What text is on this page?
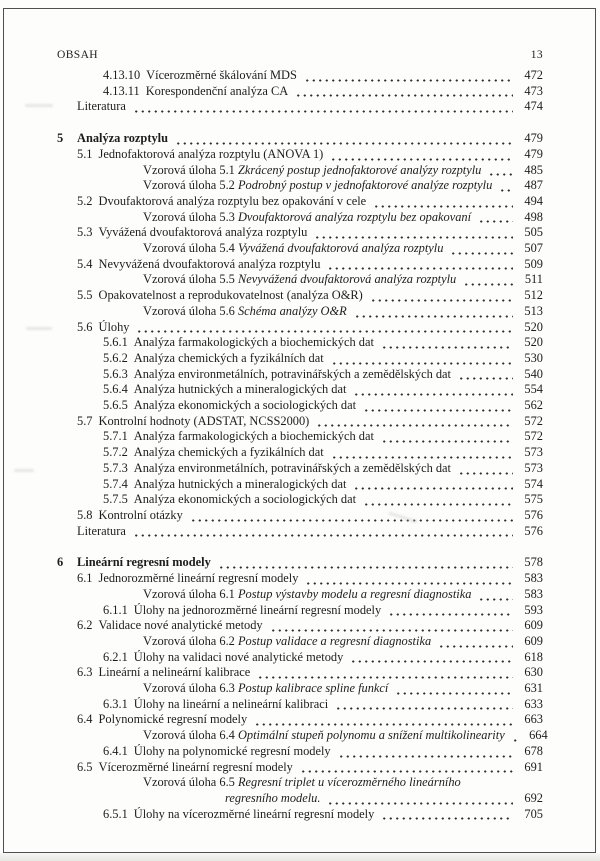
OBSAH	13
4.13.10 Vícerozměrné škálování MDS	472
4.13.11 Korespondenční analýza CA	473
Literatura	474
5	Analýza rozptylu	479
5.1 Jednofaktorová analýza rozptylu (ANOVA 1)	479
Vzorová úloha 5.1 Zkrácený postup jednofaktorové analýzy rozptylu	485
Vzorová úloha 5.2 Podrobný postup v jednofaktorové analýze rozptylu	487
5.2 Dvoufaktorová analýza rozptylu bez opakování v cele	494
Vzorová úloha 5.3 Dvoufaktorová analýza rozptylu bez opakovaní	498
5.3 Vyvážená dvoufaktorová analýza rozptylu	505
Vzorová úloha 5.4 Vyvážená dvoufaktorová analýza rozptylu	507
5.4 Nevyvážená dvoufaktorová analýza rozptylu	509
Vzorová úloha 5.5 Nevyvážená dvoufaktorová analýza rozptylu	511
5.5 Opakovatelnost a reprodukovatelnost (analýza O&R)	512
Vzorová úloha 5.6 Schéma analýzy O&R	513
5.6 Úlohy	520
5.6.1 Analýza farmakologických a biochemických dat	520
5.6.2 Analýza chemických a fyzikálních dat	530
5.6.3 Analýza environmetálních, potravinářských a zemědělských dat	540
5.6.4 Analýza hutnických a mineralogických dat	554
5.6.5 Analýza ekonomických a sociologických dat	562
5.7 Kontrolní hodnoty (ADSTAT, NCSS2000)	572
5.7.1 Analýza farmakologických a biochemických dat	572
5.7.2 Analýza chemických a fyzikálních dat	573
5.7.3 Analýza environmetálních, potravinářských a zemědělských dat	573
5.7.4 Analýza hutnických a mineralogických dat	574
5.7.5 Analýza ekonomických a sociologických dat	575
5.8 Kontrolní otázky	576
Literatura	576
6	Lineární regresní modely	578
6.1 Jednorozměrné lineární regresní modely	583
Vzorová úloha 6.1 Postup výstavby modelu a regresní diagnostika	583
6.1.1 Úlohy na jednorozměrné lineární regresní modely	593
6.2 Validace nové analytické metody	609
Vzorová úloha 6.2 Postup validace a regresní diagnostika	609
6.2.1 Úlohy na validaci nové analytické metody	618
6.3 Lineární a nelineární kalibrace	630
Vzorová úloha 6.3 Postup kalibrace spline funkcí	631
6.3.1 Úlohy na lineární a nelineární kalibraci	633
6.4 Polynomické regresní modely	663
Vzorová úloha 6.4 Optimální stupeň polynomu a snížení multikolinearity	664
6.4.1 Úlohy na polynomické regresní modely	678
6.5 Vícerozměrné lineární regresní modely	691
Vzorová úloha 6.5 Regresní triplet u vícerozměrného lineárního
regresního modelu.	692
6.5.1 Úlohy na vícerozměrné lineární regresní modely	705
